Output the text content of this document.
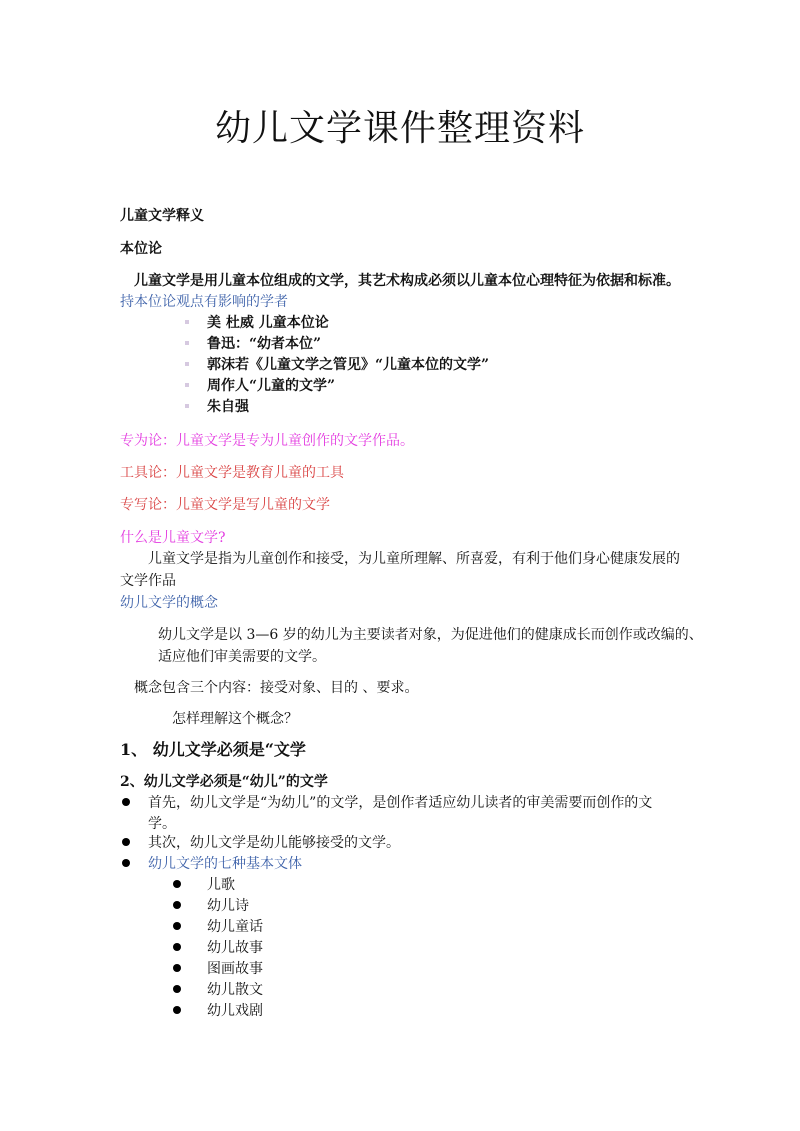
幼儿文学课件整理资料
儿童文学释义
本位论
儿童文学是用儿童本位组成的文学，其艺术构成必须以儿童本位心理特征为依据和标准。
持本位论观点有影响的学者
美 杜威 儿童本位论
鲁迅：“幼者本位”
郭沫若《儿童文学之管见》“儿童本位的文学”
周作人“儿童的文学”
朱自强
专为论：儿童文学是专为儿童创作的文学作品。
工具论：儿童文学是教育儿童的工具
专写论：儿童文学是写儿童的文学
什么是儿童文学?
儿童文学是指为儿童创作和接受，为儿童所理解、所喜爱，有利于他们身心健康发展的
文学作品
幼儿文学的概念
幼儿文学是以 3—6 岁的幼儿为主要读者对象，为促进他们的健康成长而创作或改编的、
适应他们审美需要的文学。
概念包含三个内容：接受对象、目的 、要求。
怎样理解这个概念？
1、 幼儿文学必须是“文学
2、幼儿文学必须是“幼儿”的文学
首先，幼儿文学是“为幼儿”的文学，是创作者适应幼儿读者的审美需要而创作的文
学。
其次，幼儿文学是幼儿能够接受的文学。
幼儿文学的七种基本文体
儿歌
幼儿诗
幼儿童话
幼儿故事
图画故事
幼儿散文
幼儿戏剧
